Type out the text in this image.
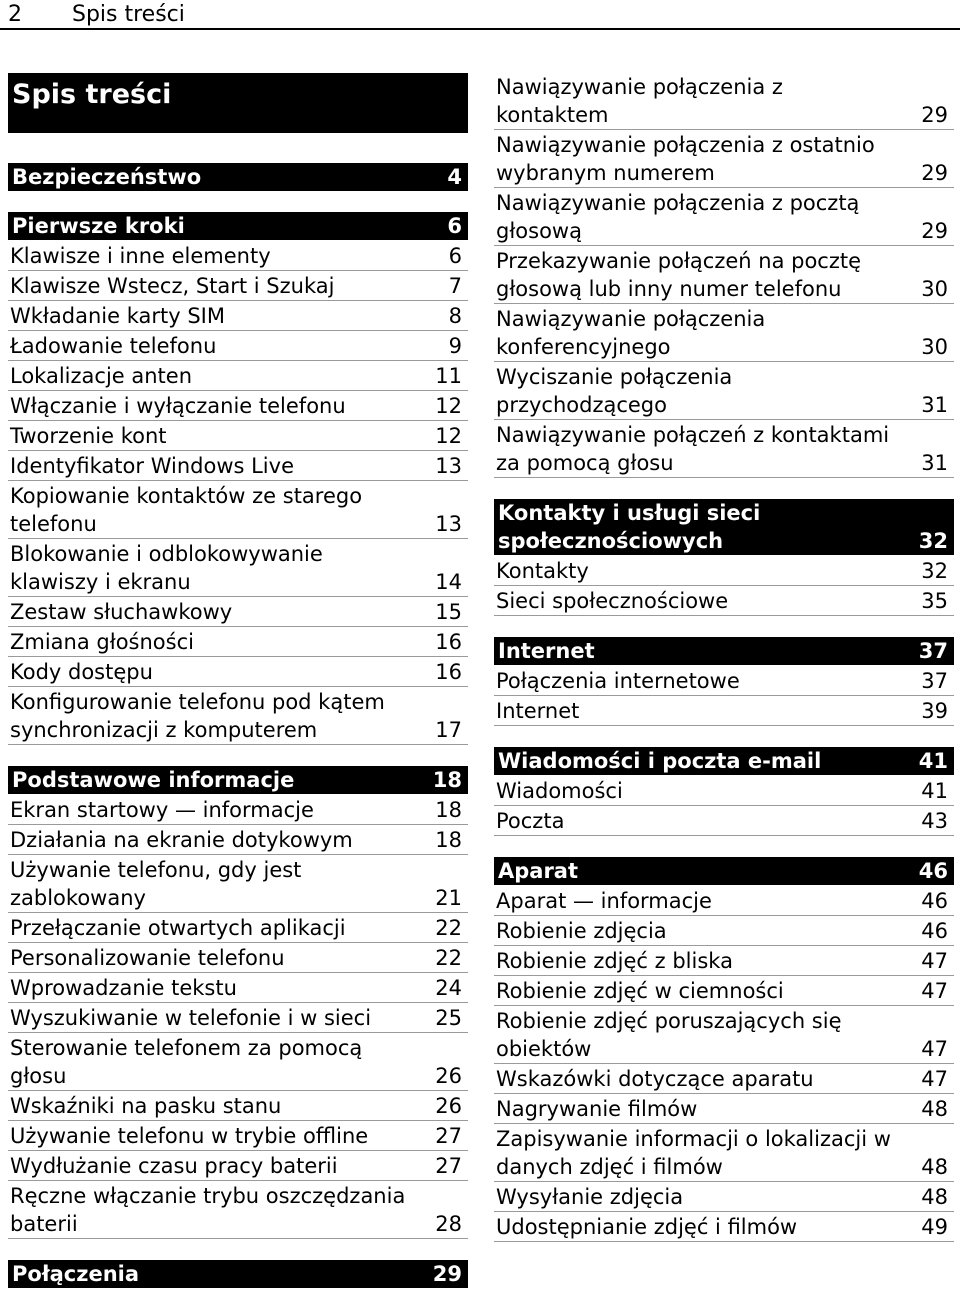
2 Spis treści
Spis treści
Bezpieczeństwo	4
Pierwsze kroki	6
Klawisze i inne elementy	6
Klawisze Wstecz, Start i Szukaj	7
Wkładanie karty SIM	8
Ładowanie telefonu	9
Lokalizacje anten	11
Włączanie i wyłączanie telefonu	12
Tworzenie kont	12
Identyfikator Windows Live	13
Kopiowanie kontaktów ze starego telefonu	13
Blokowanie i odblokowywanie klawiszy i ekranu	14
Zestaw słuchawkowy	15
Zmiana głośności	16
Kody dostępu	16
Konfigurowanie telefonu pod kątem synchronizacji z komputerem	17
Podstawowe informacje	18
Ekran startowy — informacje	18
Działania na ekranie dotykowym	18
Używanie telefonu, gdy jest zablokowany	21
Przełączanie otwartych aplikacji	22
Personalizowanie telefonu	22
Wprowadzanie tekstu	24
Wyszukiwanie w telefonie i w sieci	25
Sterowanie telefonem za pomocą głosu	26
Wskaźniki na pasku stanu	26
Używanie telefonu w trybie offline	27
Wydłużanie czasu pracy baterii	27
Ręczne włączanie trybu oszczędzania baterii	28
Połączenia	29
Nawiązywanie połączenia z kontaktem	29
Nawiązywanie połączenia z ostatnio wybranym numerem	29
Nawiązywanie połączenia z pocztą głosową	29
Przekazywanie połączeń na pocztę głosową lub inny numer telefonu	30
Nawiązywanie połączenia konferencyjnego	30
Wyciszanie połączenia przychodzącego	31
Nawiązywanie połączeń z kontaktami za pomocą głosu	31
Kontakty i usługi sieci społecznościowych	32
Kontakty	32
Sieci społecznościowe	35
Internet	37
Połączenia internetowe	37
Internet	39
Wiadomości i poczta e-mail	41
Wiadomości	41
Poczta	43
Aparat	46
Aparat — informacje	46
Robienie zdjęcia	46
Robienie zdjęć z bliska	47
Robienie zdjęć w ciemności	47
Robienie zdjęć poruszających się obiektów	47
Wskazówki dotyczące aparatu	47
Nagrywanie filmów	48
Zapisywanie informacji o lokalizacji w danych zdjęć i filmów	48
Wysyłanie zdjęcia	48
Udostępnianie zdjęć i filmów	49
